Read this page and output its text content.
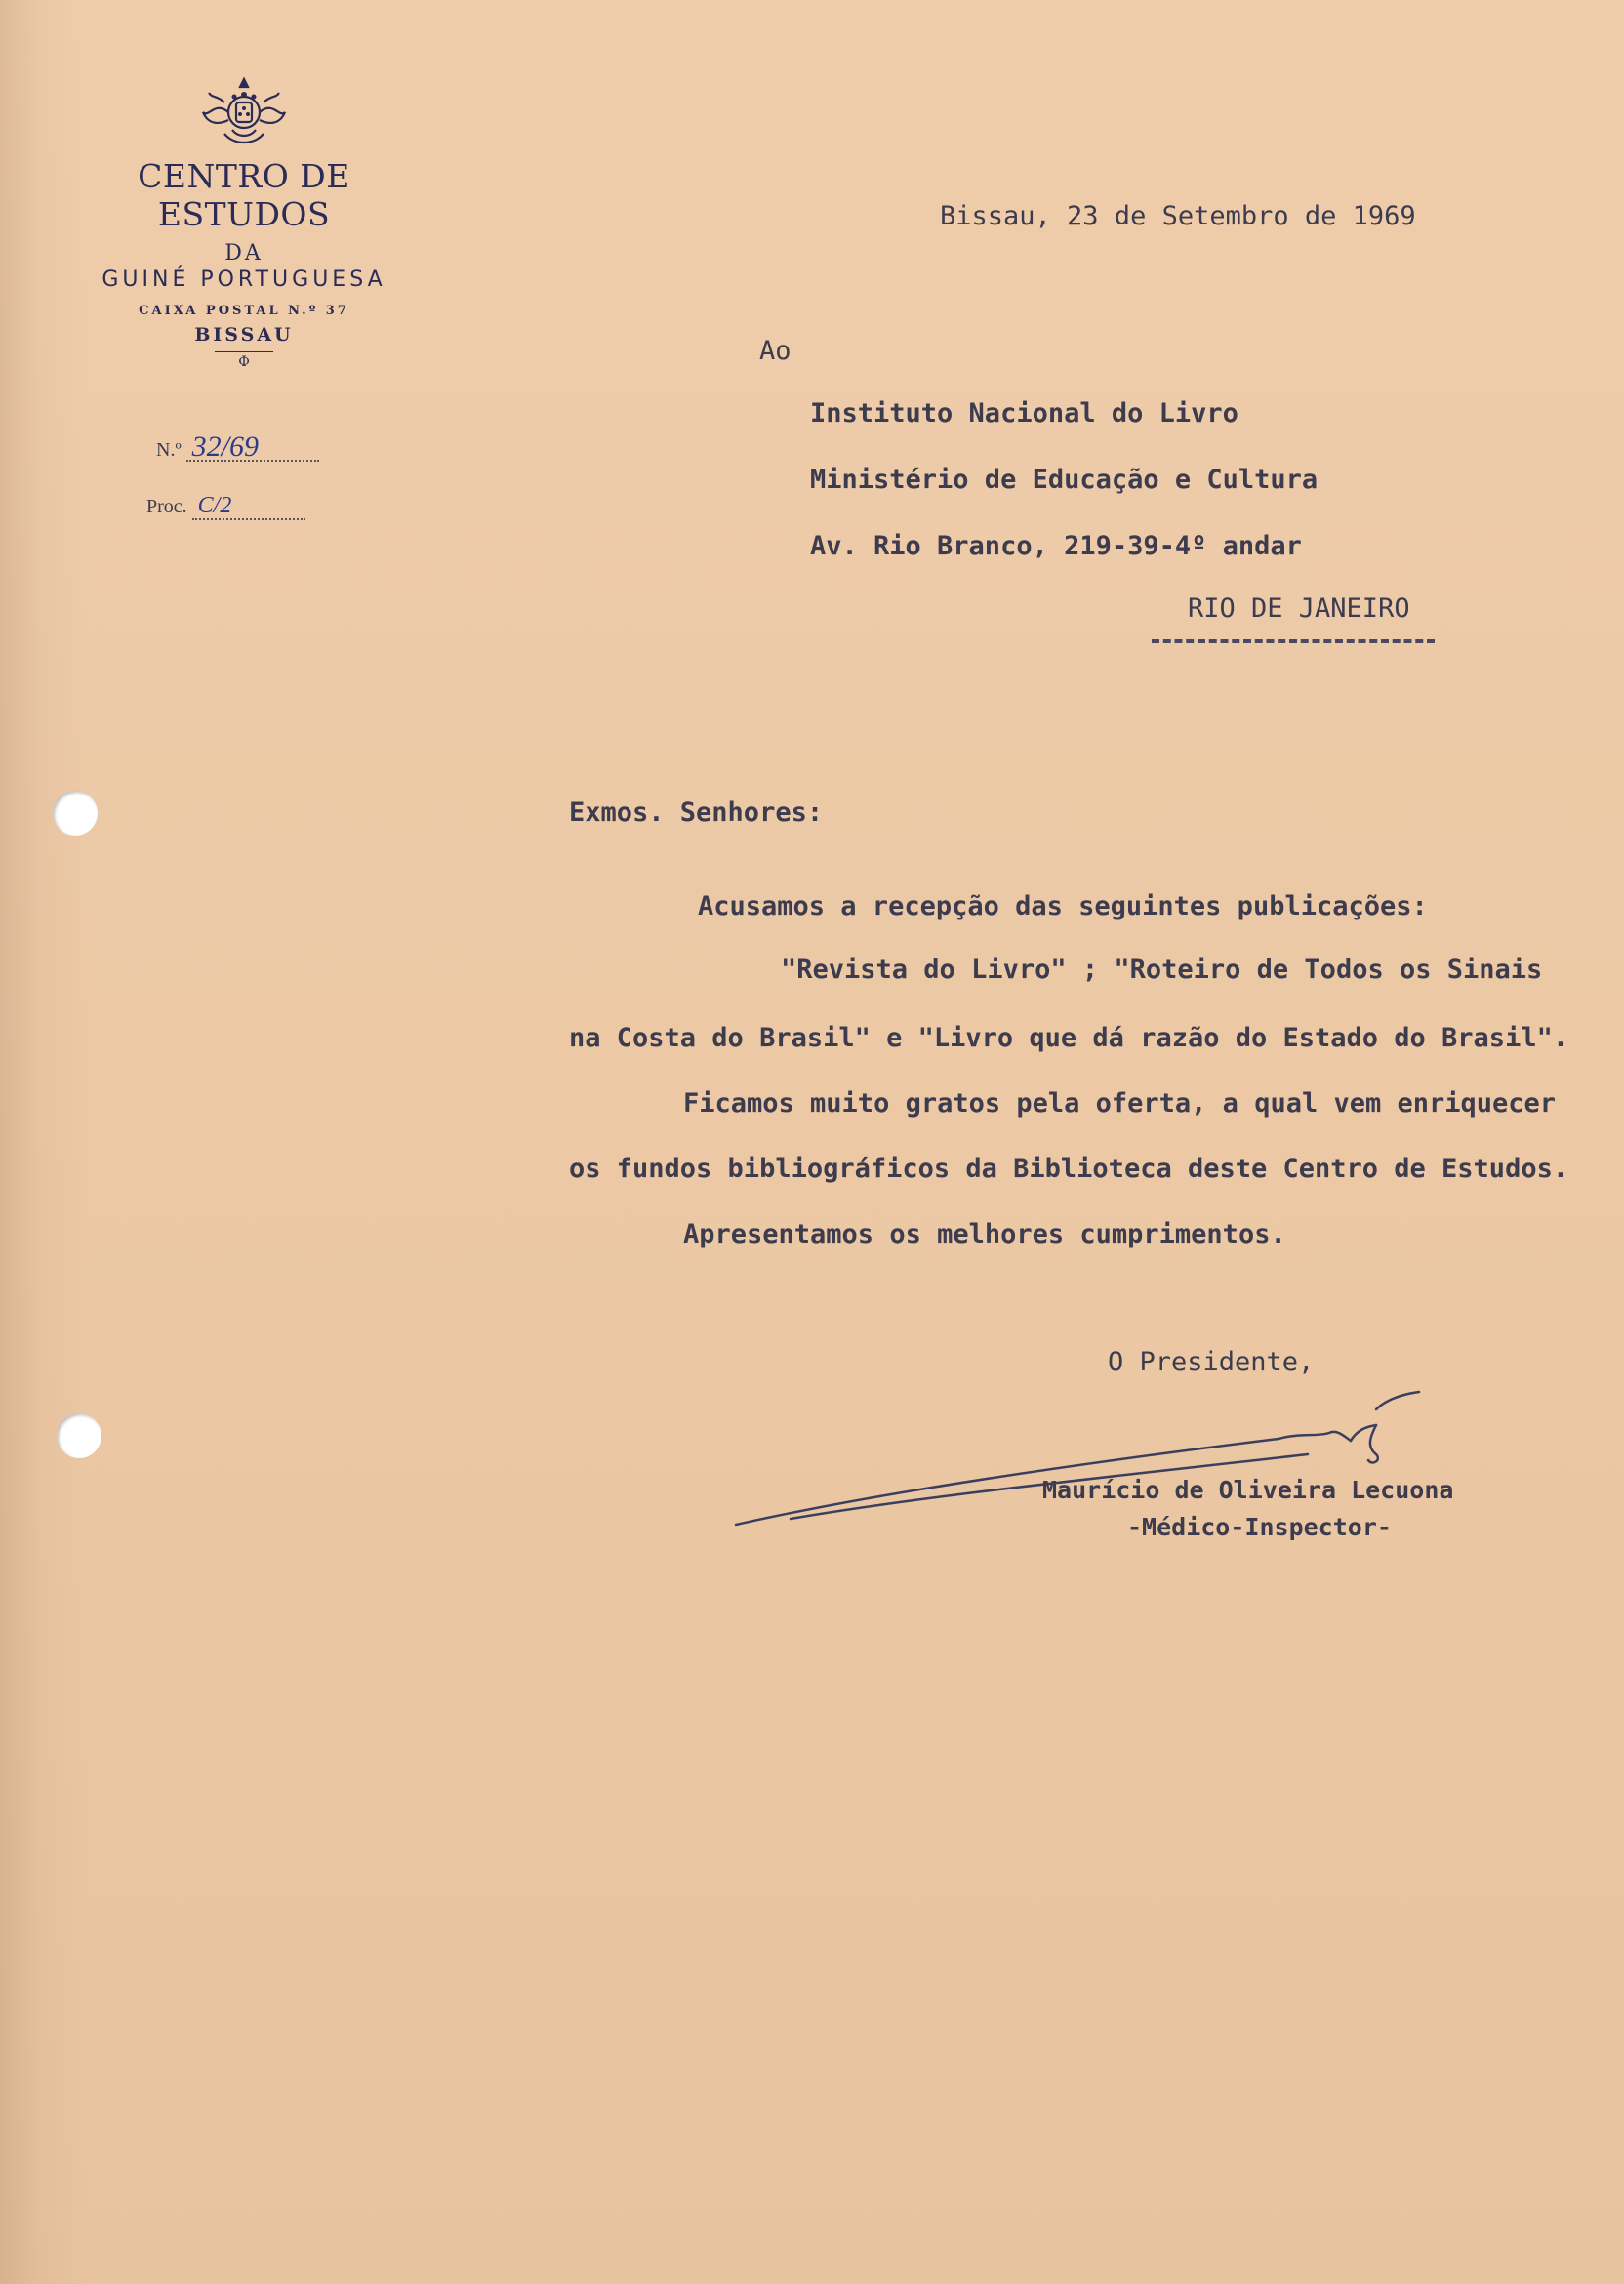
CENTRO DE ESTUDOS
DA
GUINÉ PORTUGUESA
CAIXA POSTAL N.º 37
BISSAU
Ф
N.º 32/69
Proc. C/2
Bissau, 23 de Setembro de 1969
Ao
Instituto Nacional do Livro
Ministério de Educação e Cultura
Av. Rio Branco, 219-39-4º andar
RIO DE JANEIRO
Exmos. Senhores:
Acusamos a recepção das seguintes publicações:
"Revista do Livro" ; "Roteiro de Todos os Sinais
na Costa do Brasil" e "Livro que dá razão do Estado do Brasil".
Ficamos muito gratos pela oferta, a qual vem enriquecer
os fundos bibliográficos da Biblioteca deste Centro de Estudos.
Apresentamos os melhores cumprimentos.
O Presidente,
Maurício de Oliveira Lecuona
-Médico-Inspector-
